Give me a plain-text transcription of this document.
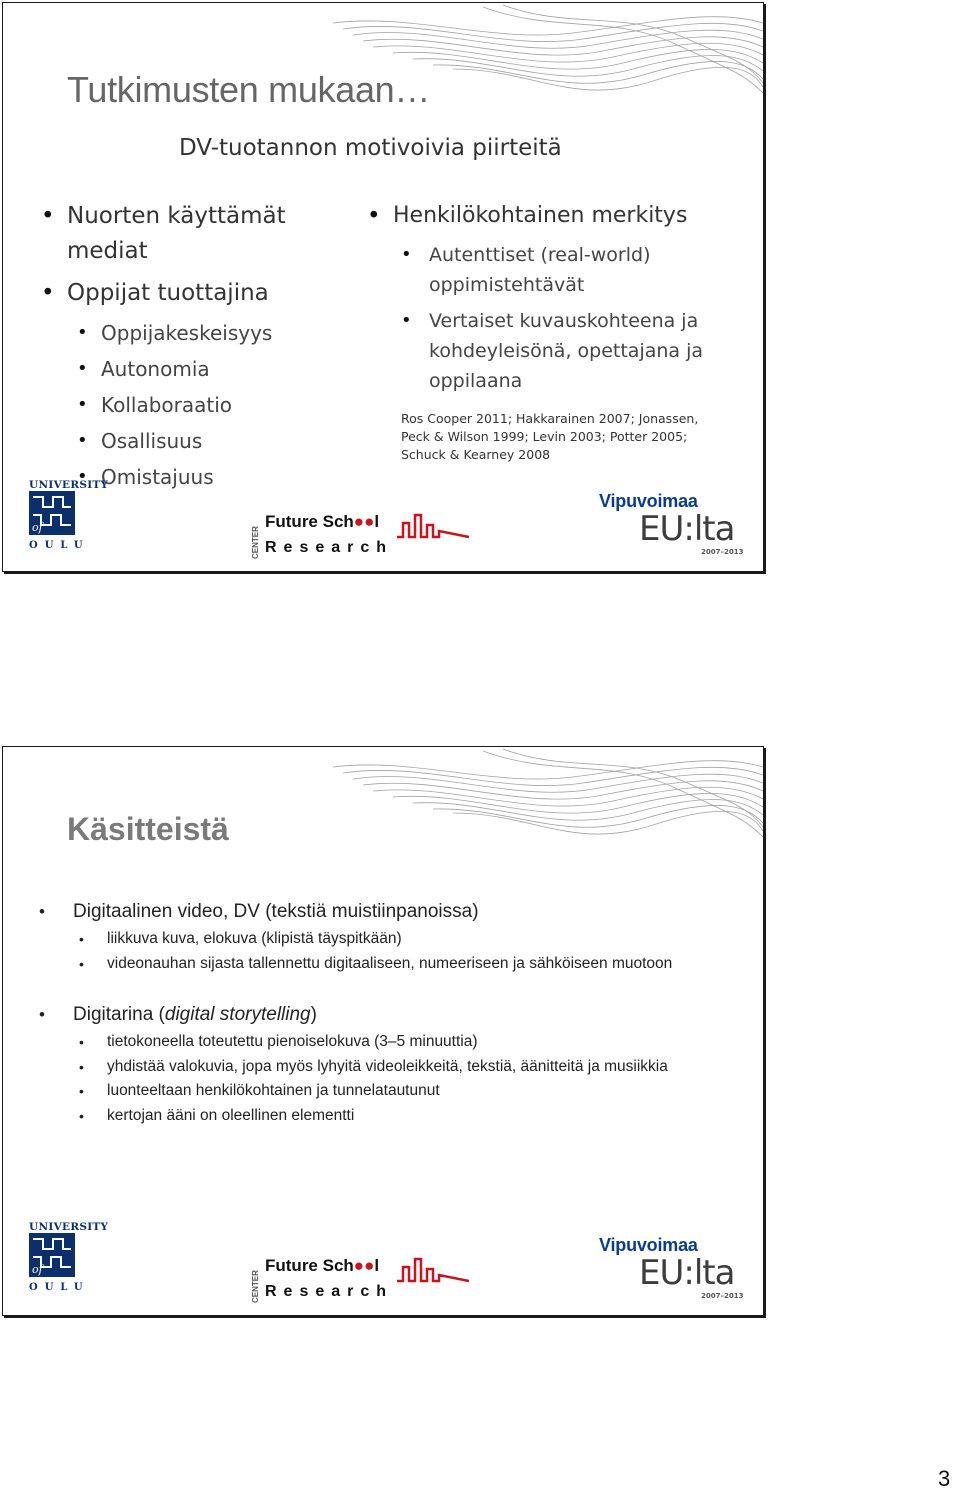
Tutkimusten mukaan…
DV-tuotannon motivoivia piirteitä
• Nuorten käyttämät mediat
• Oppijat tuottajina
• Oppijakeskeisyys
• Autonomia
• Kollaboraatio
• Osallisuus
• Omistajuus
• Henkilökohtainen merkitys
• Autenttiset (real-world) oppimistehtävät
• Vertaiset kuvauskohteena ja kohdeyleisönä, opettajana ja oppilaana
Ros Cooper 2011; Hakkarainen 2007; Jonassen, Peck & Wilson 1999; Levin 2003; Potter 2005; Schuck & Kearney 2008
UNIVERSITY
of
OULU	CENTER
Future Sch●●l
Research
Vipuvoimaa
EU:lta
2007–2013
Käsitteistä
• Digitaalinen video, DV (tekstiä muistiinpanoissa)
• liikkuva kuva, elokuva (klipistä täyspitkään)
• videonauhan sijasta tallennettu digitaaliseen, numeeriseen ja sähköiseen muotoon
• Digitarina (digital storytelling)
• tietokoneella toteutettu pienoiselokuva (3–5 minuuttia)
• yhdistää valokuvia, jopa myös lyhyitä videoleikkeitä, tekstiä, äänitteitä ja musiikkia
• luonteeltaan henkilökohtainen ja tunnelatautunut
• kertojan ääni on oleellinen elementti
UNIVERSITY
of
OULU	CENTER
Future Sch●●l
Research
Vipuvoimaa
EU:lta
2007–2013
3
